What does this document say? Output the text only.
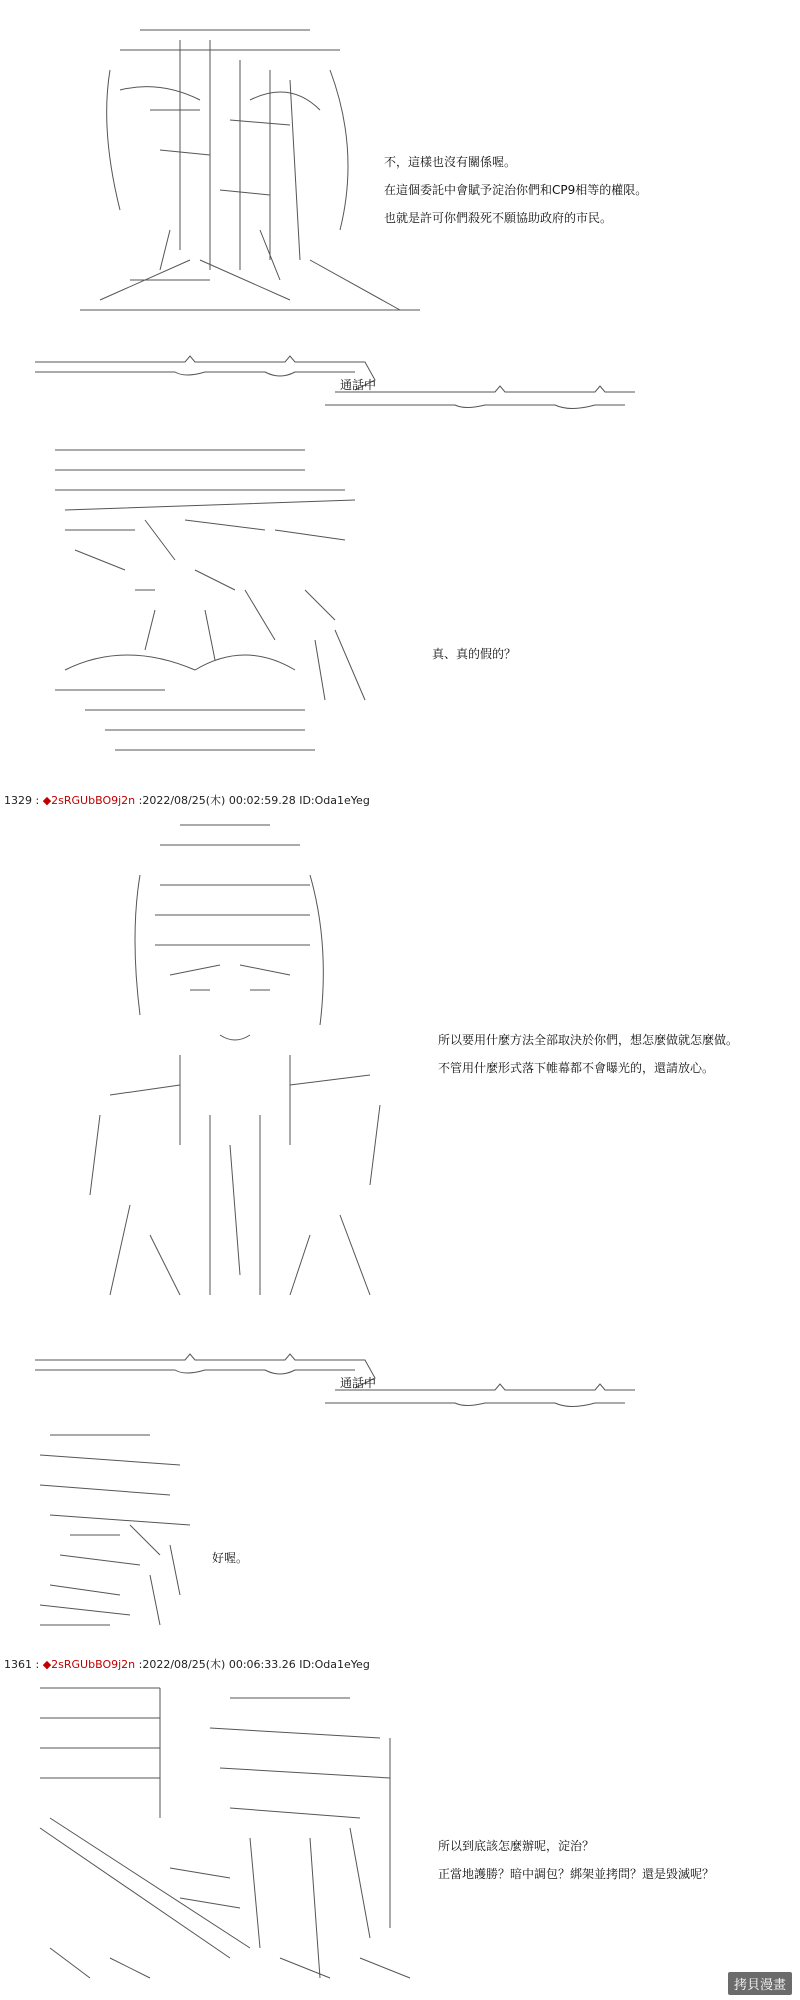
不，這樣也沒有關係喔。
在這個委託中會賦予淀治你們和CP9相等的權限。
也就是許可你們殺死不願協助政府的市民。
通話中
真、真的假的？
1329 : ◆2sRGUbBO9j2n :2022/08/25(木) 00:02:59.28 ID:Oda1eYeg
所以要用什麼方法全部取決於你們，想怎麼做就怎麼做。
不管用什麼形式落下帷幕都不會曝光的，還請放心。
通話中
好喔。
1361 : ◆2sRGUbBO9j2n :2022/08/25(木) 00:06:33.26 ID:Oda1eYeg
所以到底該怎麼辦呢，淀治？
正當地護勝？暗中調包？綁架並拷問？還是毀滅呢？
拷貝漫畫
